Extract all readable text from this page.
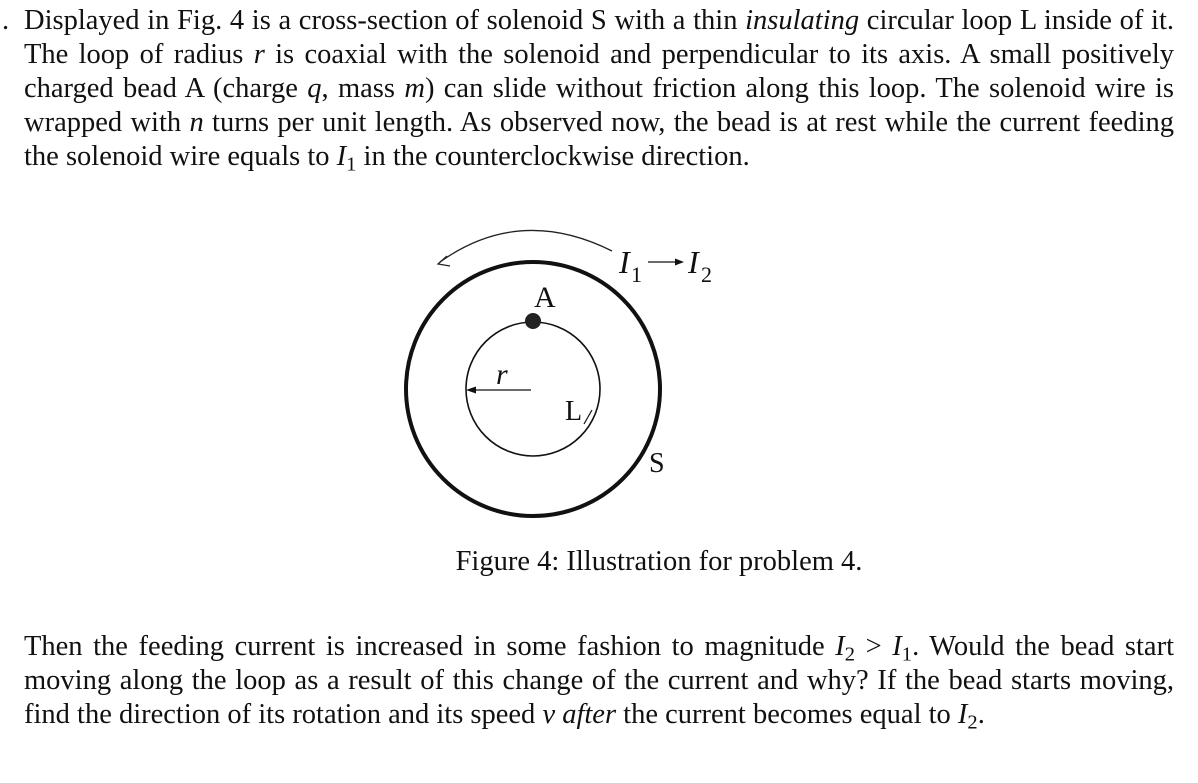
. Displayed in Fig. 4 is a cross-section of solenoid S with a thin insulating circular loop L inside of it. The loop of radius r is coaxial with the solenoid and perpendicular to its axis. A small positively charged bead A (charge q, mass m) can slide without friction along this loop. The solenoid wire is wrapped with n turns per unit length. As observed now, the bead is at rest while the current feeding the solenoid wire equals to $I_1$ in the counterclockwise direction.
A
r
L
S
I 1 I 2
Figure 4: Illustration for problem 4.
Then the feeding current is increased in some fashion to magnitude $I_2 > I_1$. Would the bead start moving along the loop as a result of this change of the current and why? If the bead starts moving, find the direction of its rotation and its speed v after the current becomes equal to $I_2$.
